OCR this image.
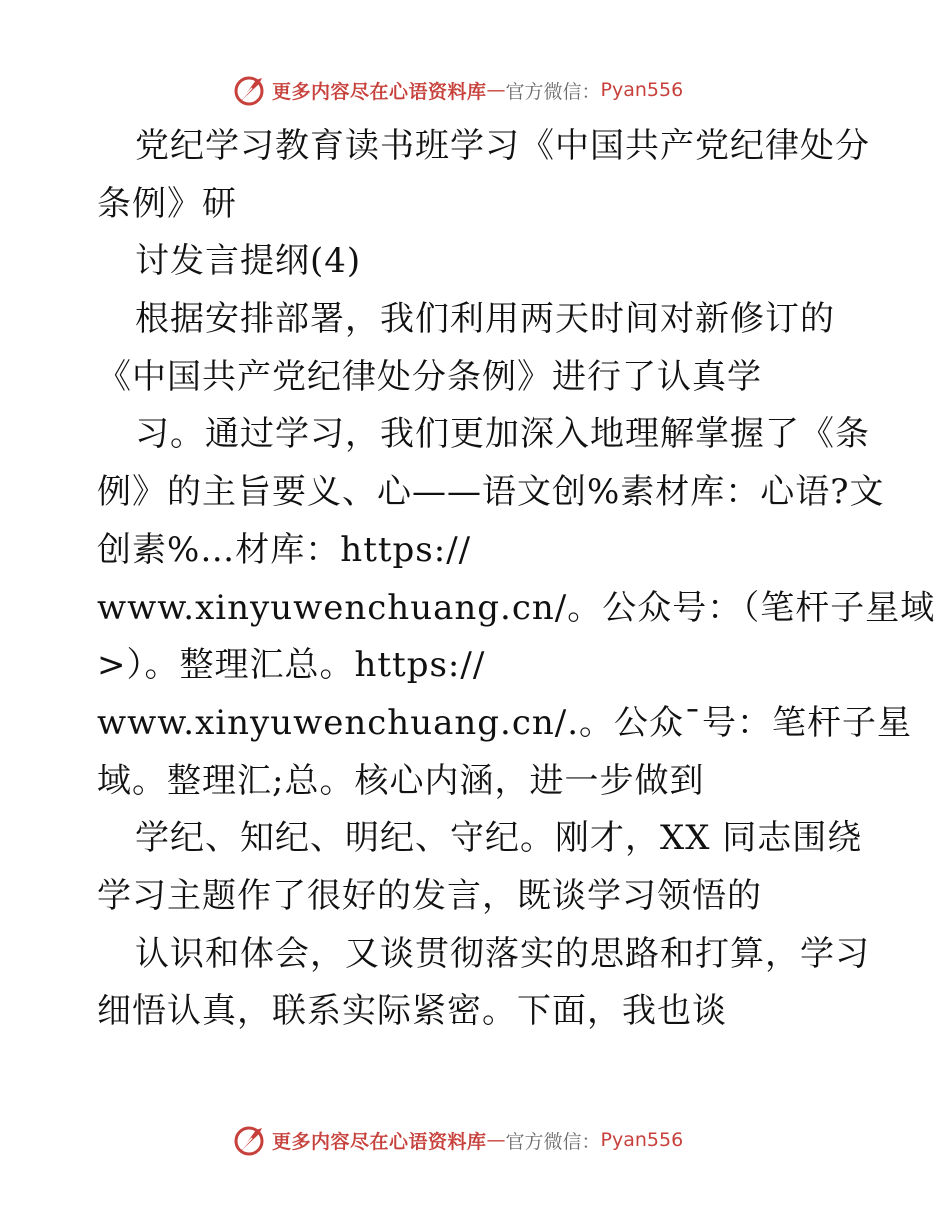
更多内容尽在心语资料库 — 官方微信： Pyan556
党纪学习教育读书班学习《中国共产党纪律处分
条例》研
讨发言提纲(4)
根据安排部署，我们利用两天时间对新修订的
《中国共产党纪律处分条例》进行了认真学
习。通过学习，我们更加深入地理解掌握了《条
例》的主旨要义、心——语文创%素材库：心语?文
创素%…材库：https://
www.xinyuwenchuang.cn/。公众号：（笔杆子星域
>）。整理汇总。https://
www.xinyuwenchuang.cn/.。公众¯号：笔杆子星
域。整理汇;总。核心内涵，进一步做到
学纪、知纪、明纪、守纪。刚才，XX 同志围绕
学习主题作了很好的发言，既谈学习领悟的
认识和体会，又谈贯彻落实的思路和打算，学习
细悟认真，联系实际紧密。下面，我也谈
更多内容尽在心语资料库 — 官方微信： Pyan556
